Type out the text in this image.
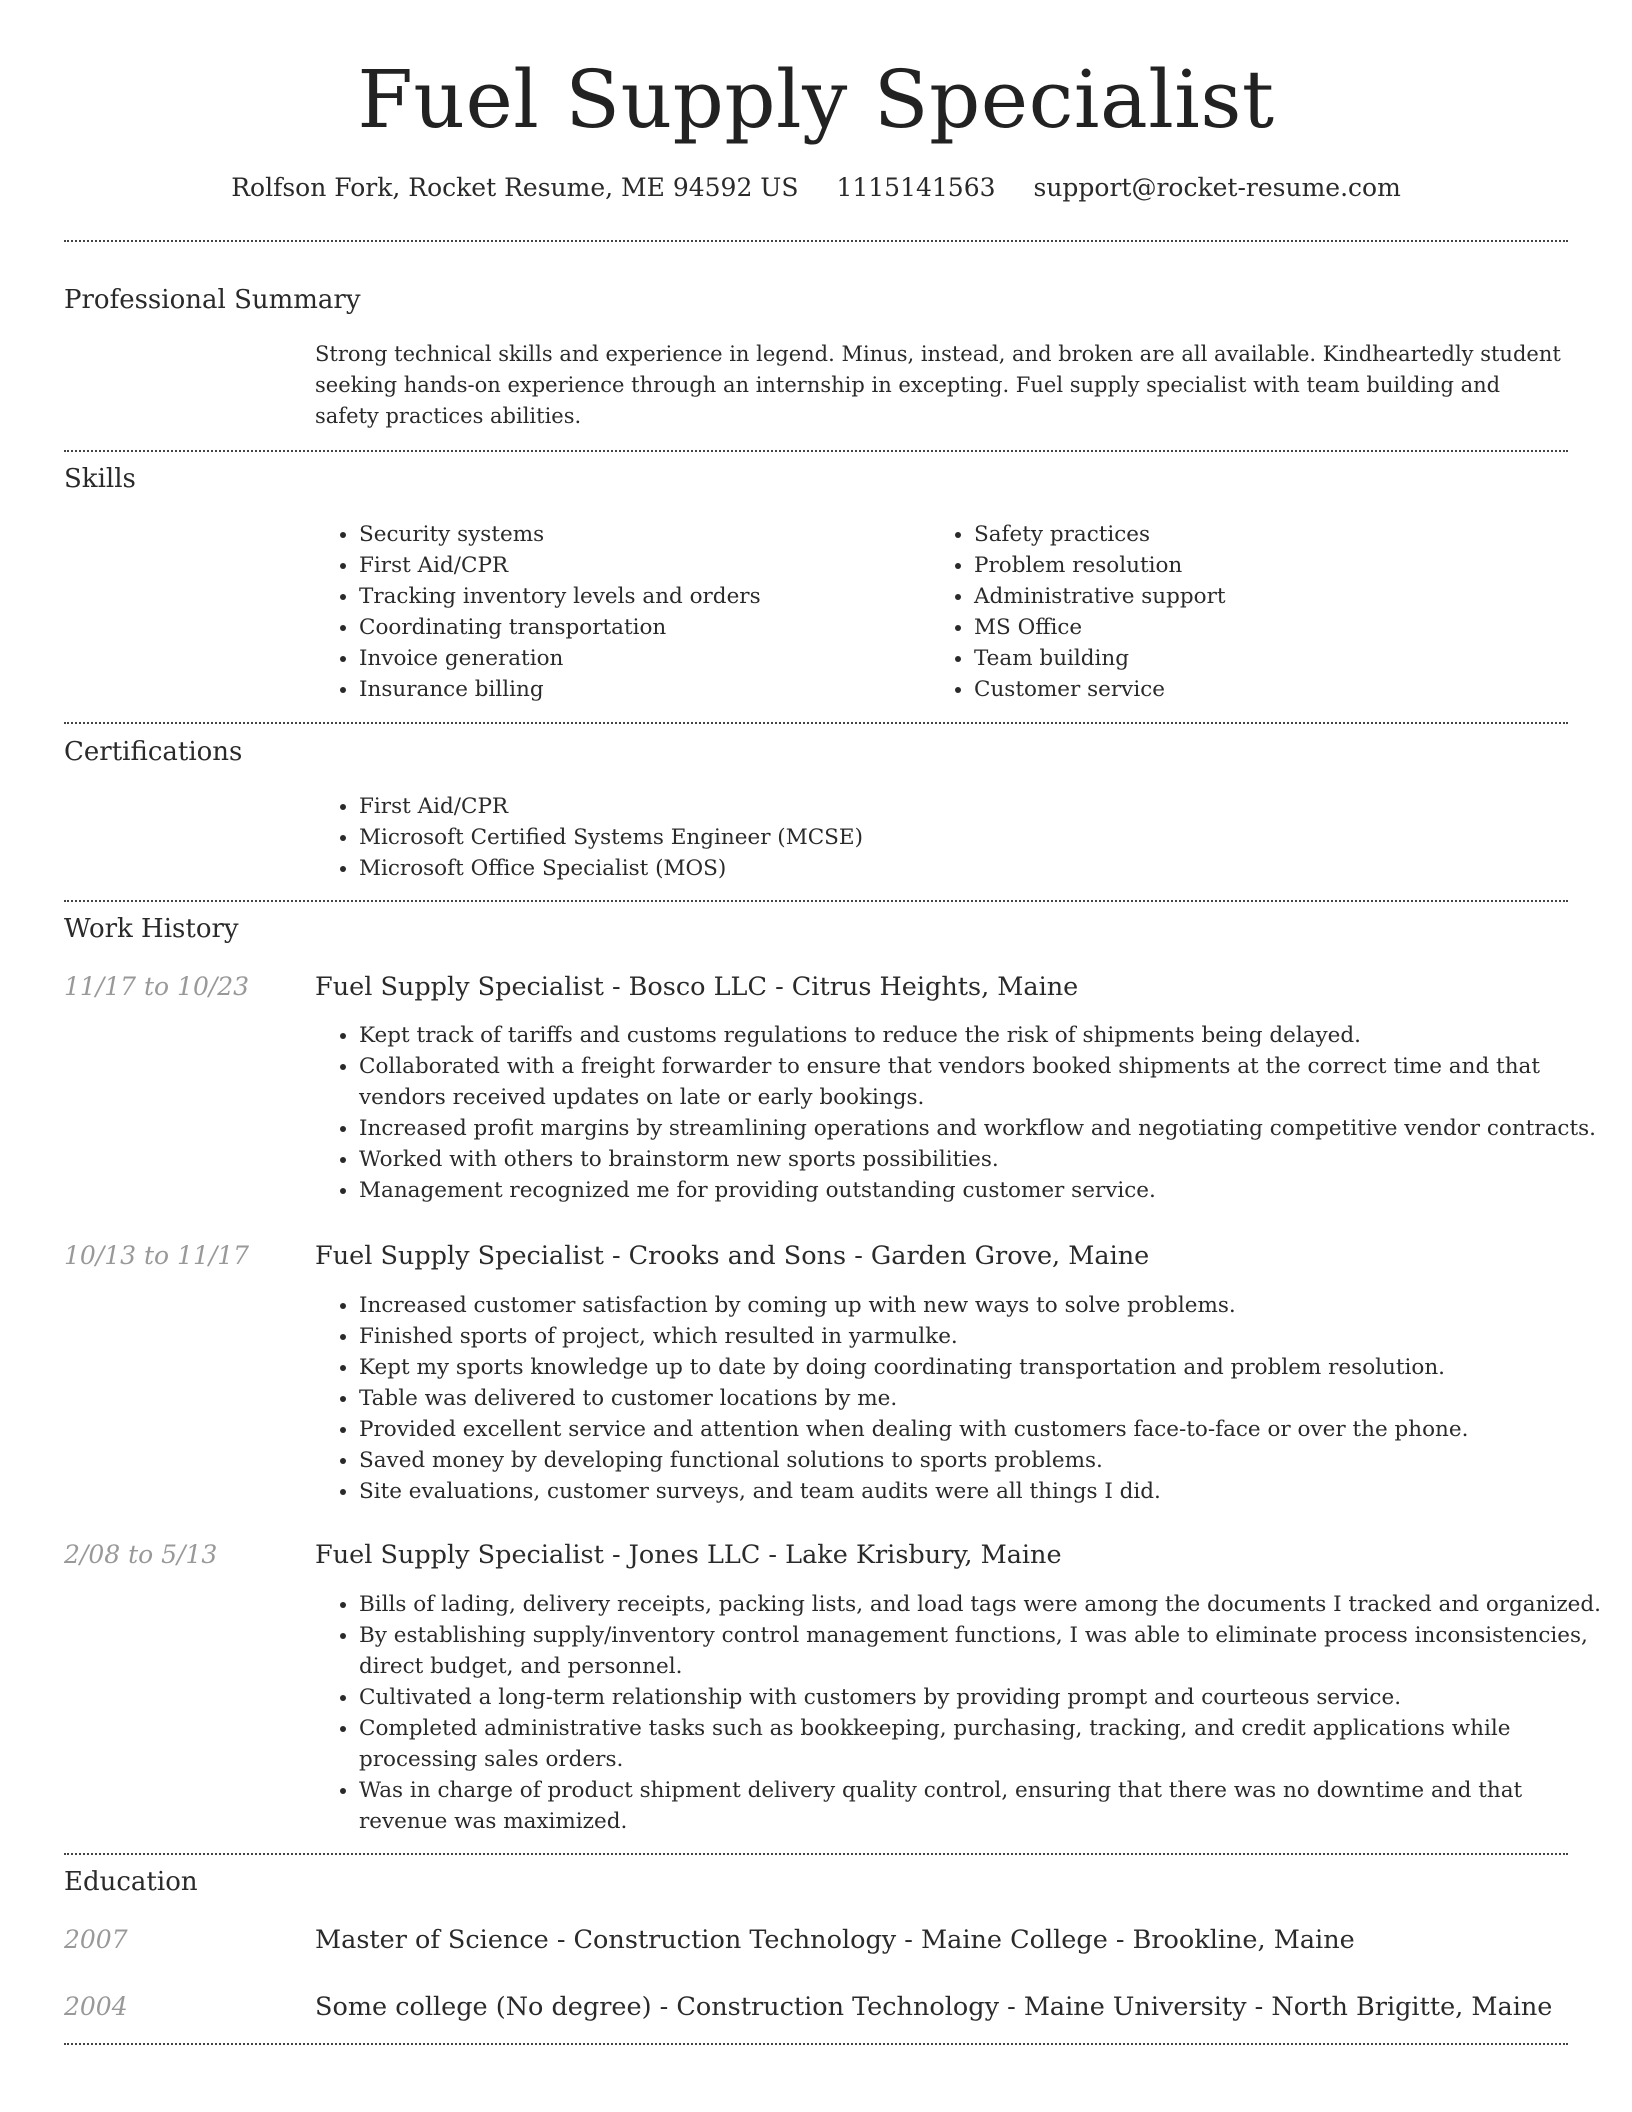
Fuel Supply Specialist
Rolfson Fork, Rocket Resume, ME 94592 US 1115141563 support@rocket-resume.com
Professional Summary

Strong technical skills and experience in legend. Minus, instead, and broken are all available. Kindheartedly student seeking hands-on experience through an internship in excepting. Fuel supply specialist with team building and safety practices abilities.

Skills
• Security systems
• First Aid/CPR
• Tracking inventory levels and orders
• Coordinating transportation
• Invoice generation
• Insurance billing
• Safety practices
• Problem resolution
• Administrative support
• MS Office
• Team building
• Customer service
Certifications
• First Aid/CPR
• Microsoft Certified Systems Engineer (MCSE)
• Microsoft Office Specialist (MOS)
Work History
11/17 to 10/23	Fuel Supply Specialist - Bosco LLC - Citrus Heights, Maine
• Kept track of tariffs and customs regulations to reduce the risk of shipments being delayed.
• Collaborated with a freight forwarder to ensure that vendors booked shipments at the correct time and that vendors received updates on late or early bookings.
• Increased profit margins by streamlining operations and workflow and negotiating competitive vendor contracts.
• Worked with others to brainstorm new sports possibilities.
• Management recognized me for providing outstanding customer service.
10/13 to 11/17	Fuel Supply Specialist - Crooks and Sons - Garden Grove, Maine
• Increased customer satisfaction by coming up with new ways to solve problems.
• Finished sports of project, which resulted in yarmulke.
• Kept my sports knowledge up to date by doing coordinating transportation and problem resolution.
• Table was delivered to customer locations by me.
• Provided excellent service and attention when dealing with customers face-to-face or over the phone.
• Saved money by developing functional solutions to sports problems.
• Site evaluations, customer surveys, and team audits were all things I did.
2/08 to 5/13	Fuel Supply Specialist - Jones LLC - Lake Krisbury, Maine
• Bills of lading, delivery receipts, packing lists, and load tags were among the documents I tracked and organized.
• By establishing supply/inventory control management functions, I was able to eliminate process inconsistencies, direct budget, and personnel.
• Cultivated a long-term relationship with customers by providing prompt and courteous service.
• Completed administrative tasks such as bookkeeping, purchasing, tracking, and credit applications while processing sales orders.
• Was in charge of product shipment delivery quality control, ensuring that there was no downtime and that revenue was maximized.
Education
2007	Master of Science - Construction Technology - Maine College - Brookline, Maine
2004	Some college (No degree) - Construction Technology - Maine University - North Brigitte, Maine
